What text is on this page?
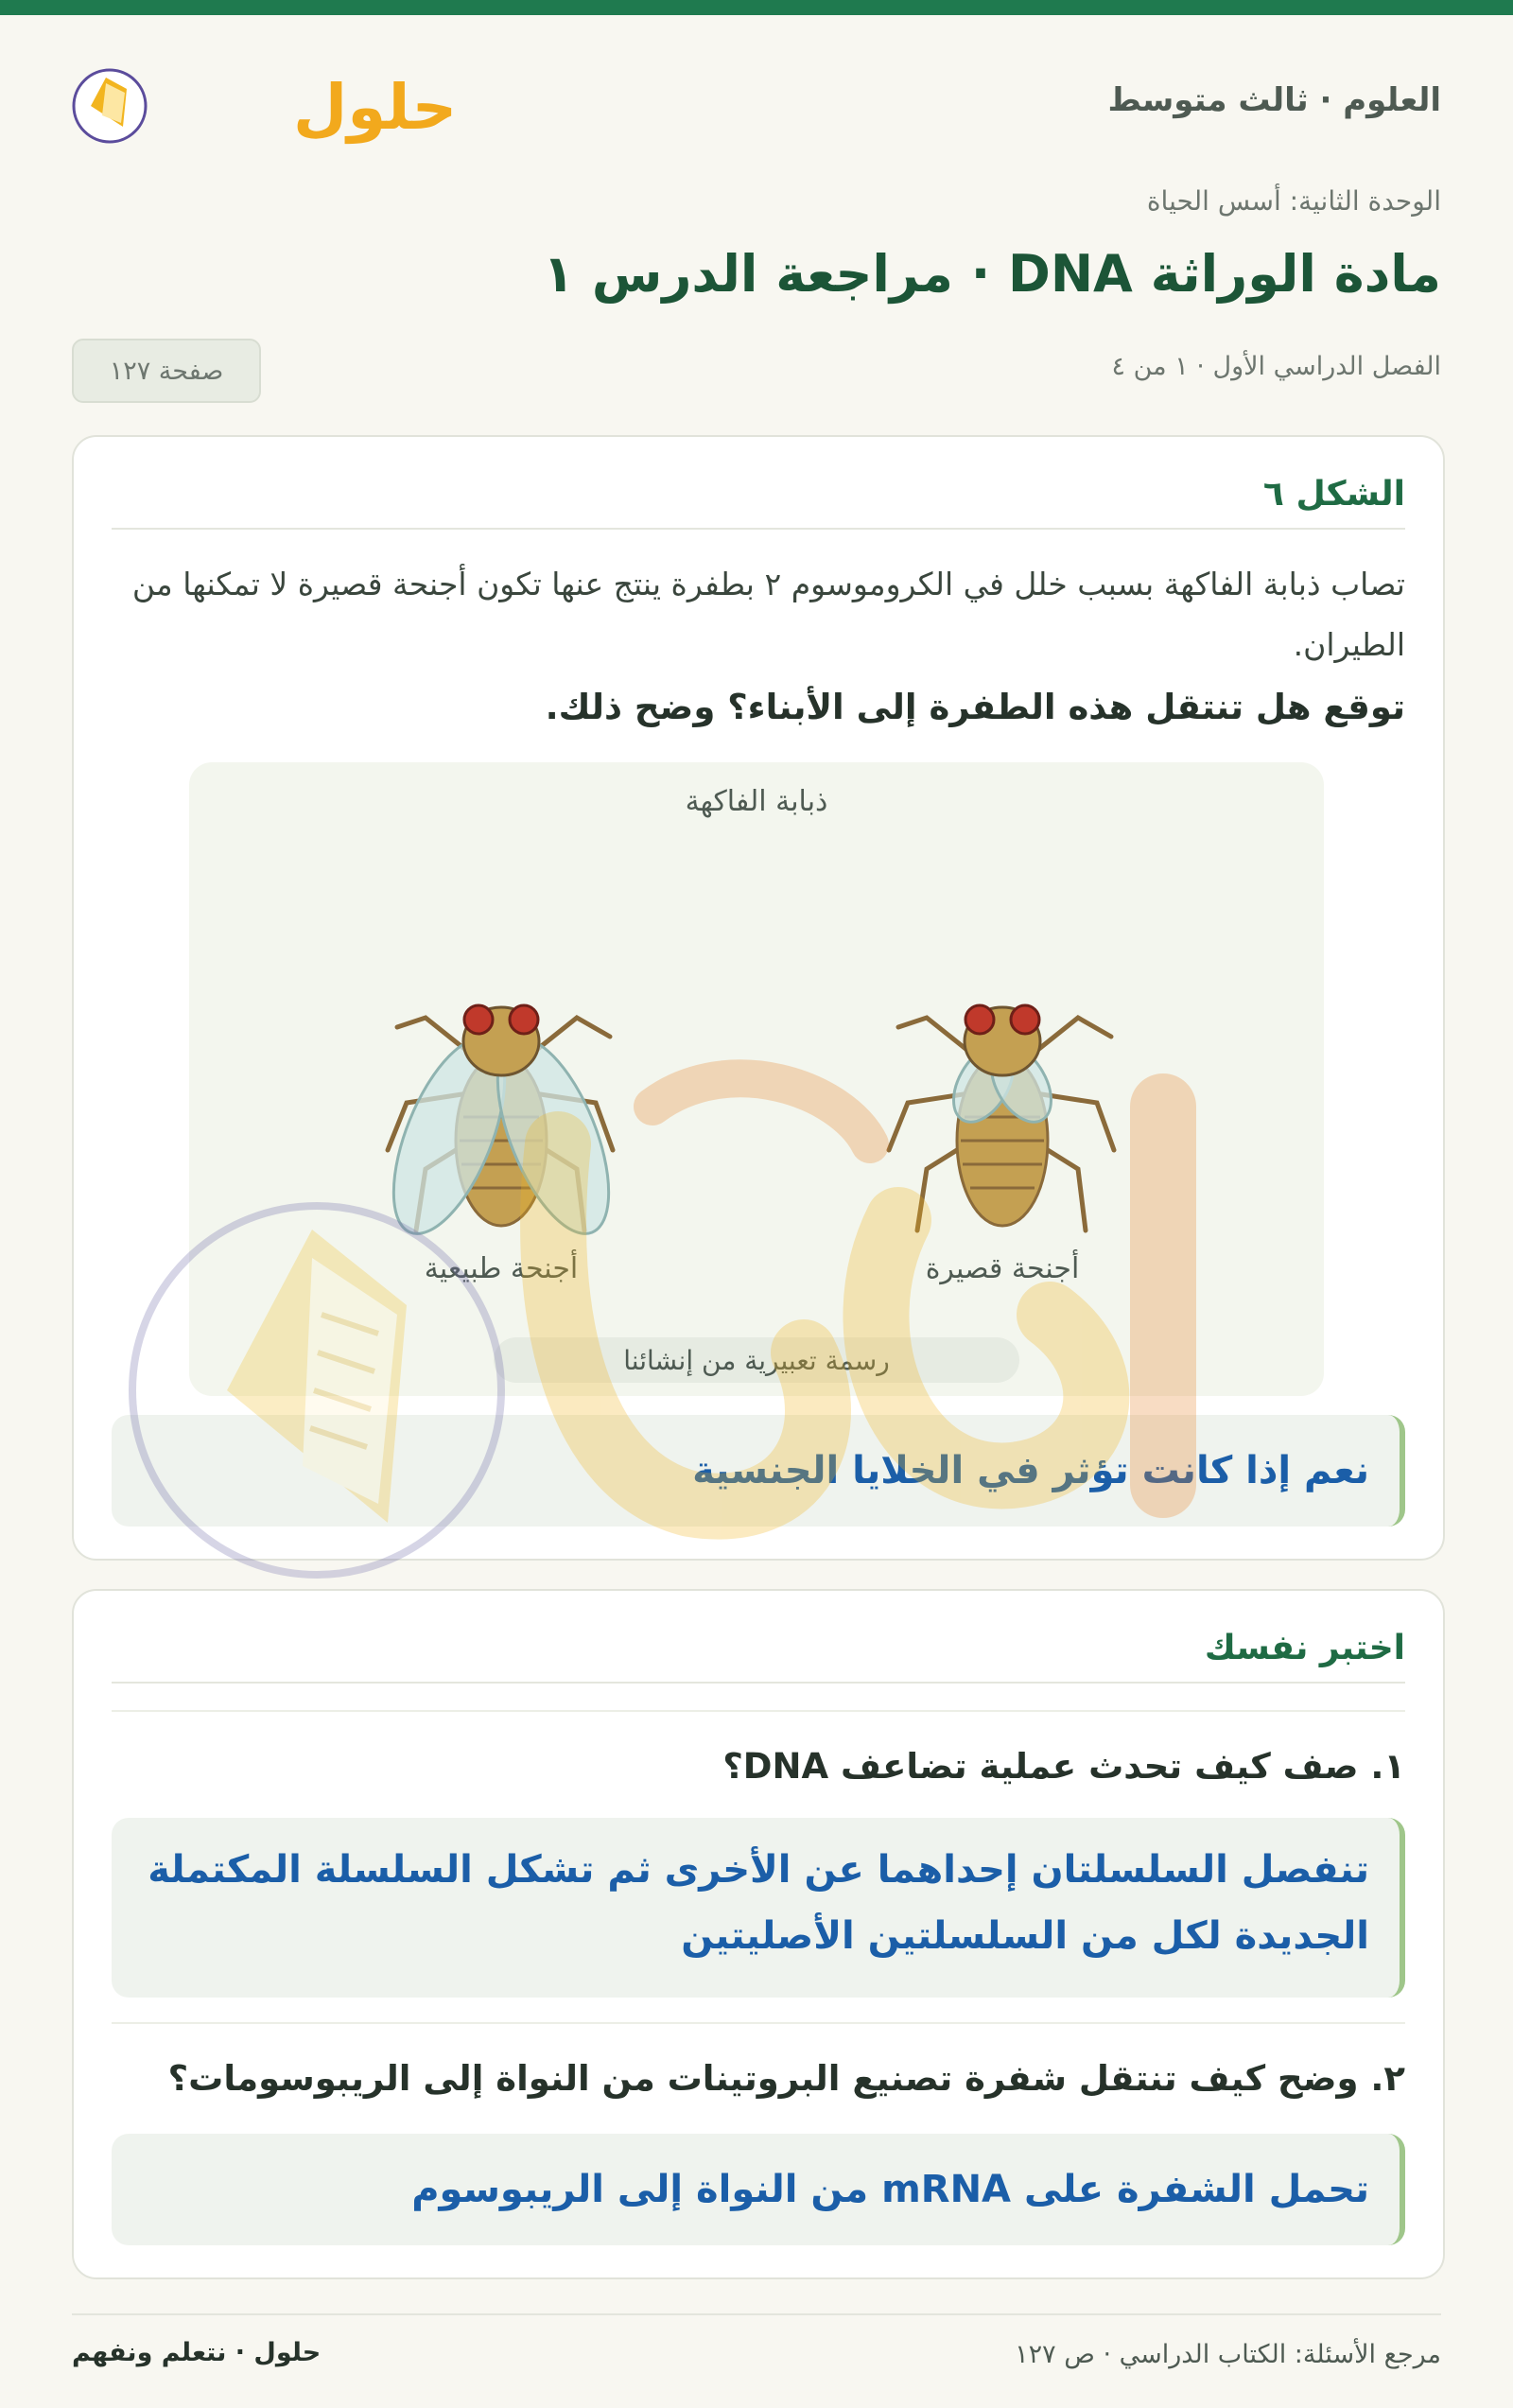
العلوم · ثالث متوسط
حلول
الوحدة الثانية: أسس الحياة
مادة الوراثة DNA · مراجعة الدرس ١
الفصل الدراسي الأول · ١ من ٤
صفحة ١٢٧
الشكل ٦
تصاب ذبابة الفاكهة بسبب خلل في الكروموسوم ٢ بطفرة ينتج عنها تكون أجنحة قصيرة لا تمكنها من الطيران.
توقع هل تنتقل هذه الطفرة إلى الأبناء؟ وضح ذلك.
ذبابة الفاكهة
أجنحة طبيعية	أجنحة قصيرة
رسمة تعبيرية من إنشائنا
نعم إذا كانت تؤثر في الخلايا الجنسية
اختبر نفسك
١. صف كيف تحدث عملية تضاعف DNA؟
تنفصل السلسلتان إحداهما عن الأخرى ثم تشكل السلسلة المكتملة الجديدة لكل من السلسلتين الأصليتين
٢. وضح كيف تنتقل شفرة تصنيع البروتينات من النواة إلى الريبوسومات؟
تحمل الشفرة على mRNA من النواة إلى الريبوسوم
مرجع الأسئلة: الكتاب الدراسي · ص ١٢٧
حلول · نتعلم ونفهم
